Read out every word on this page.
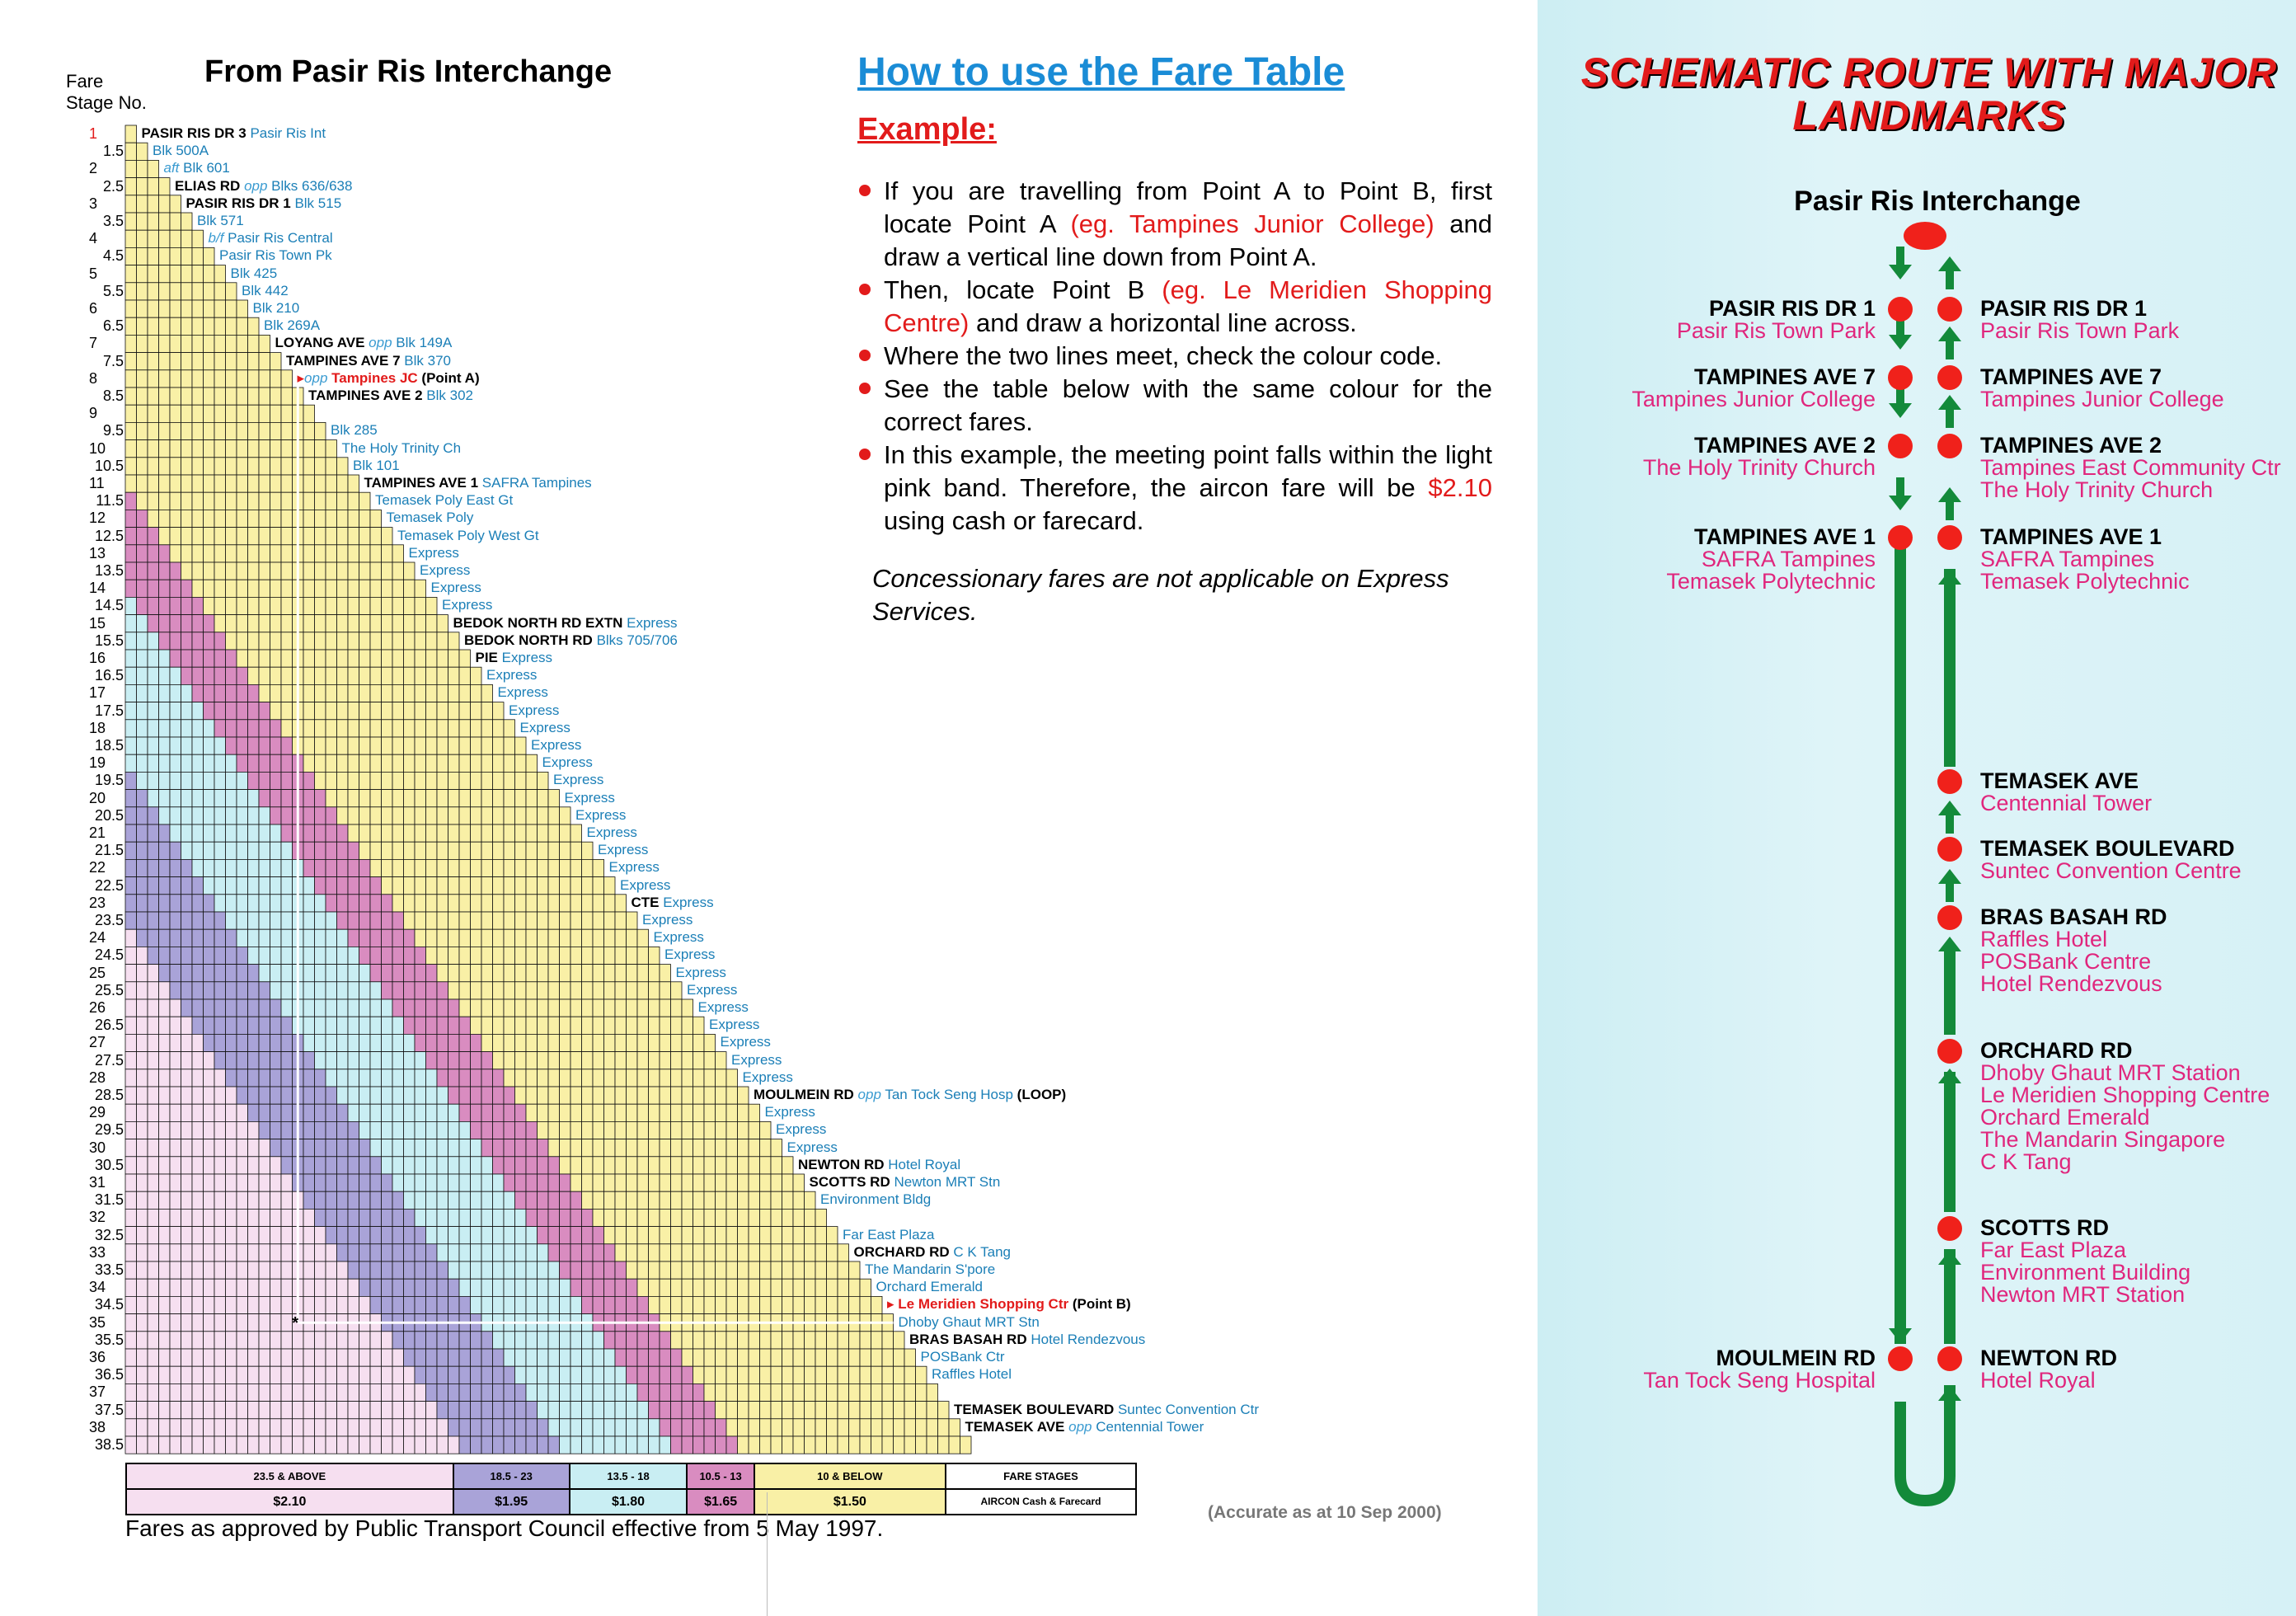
*
Fare
Stage No.
From Pasir Ris Interchange
1
1.5
2
2.5
3
3.5
4
4.5
5
5.5
6
6.5
7
7.5
8
8.5
9
9.5
10
10.5
11
11.5
12
12.5
13
13.5
14
14.5
15
15.5
16
16.5
17
17.5
18
18.5
19
19.5
20
20.5
21
21.5
22
22.5
23
23.5
24
24.5
25
25.5
26
26.5
27
27.5
28
28.5
29
29.5
30
30.5
31
31.5
32
32.5
33
33.5
34
34.5
35
35.5
36
36.5
37
37.5
38
38.5
PASIR RIS DR 3 Pasir Ris Int
Blk 500A
aft Blk 601
ELIAS RD opp Blks 636/638
PASIR RIS DR 1 Blk 515
Blk 571
b/f Pasir Ris Central
Pasir Ris Town Pk
Blk 425
Blk 442
Blk 210
Blk 269A
LOYANG AVE opp Blk 149A
TAMPINES AVE 7 Blk 370
▸opp Tampines JC (Point A)
TAMPINES AVE 2 Blk 302
Blk 285
The Holy Trinity Ch
Blk 101
TAMPINES AVE 1 SAFRA Tampines
Temasek Poly East Gt
Temasek Poly
Temasek Poly West Gt
Express
Express
Express
Express
BEDOK NORTH RD EXTN Express
BEDOK NORTH RD Blks 705/706
PIE Express
Express
Express
Express
Express
Express
Express
Express
Express
Express
Express
Express
Express
Express
CTE Express
Express
Express
Express
Express
Express
Express
Express
Express
Express
Express
MOULMEIN RD opp Tan Tock Seng Hosp (LOOP)
Express
Express
Express
NEWTON RD Hotel Royal
SCOTTS RD Newton MRT Stn
Environment Bldg
Far East Plaza
ORCHARD RD C K Tang
The Mandarin S'pore
Orchard Emerald
▸ Le Meridien Shopping Ctr (Point B)
Dhoby Ghaut MRT Stn
BRAS BASAH RD Hotel Rendezvous
POSBank Ctr
Raffles Hotel
TEMASEK BOULEVARD Suntec Convention Ctr
TEMASEK AVE opp Centennial Tower
23.5 & ABOVE
$2.10
18.5 - 23
$1.95
13.5 - 18
$1.80
10.5 - 13
$1.65
10 & BELOW
$1.50
FARE STAGES
AIRCON Cash & Farecard
Fares as approved by Public Transport Council effective from 5 May 1997.
(Accurate as at 10 Sep 2000)
How to use the Fare Table
Example:
If you are travelling from Point A to Point B, first locate Point A (eg. Tampines Junior College) and draw a vertical line down from Point A.
Then, locate Point B (eg. Le Meridien Shopping Centre) and draw a horizontal line across.
Where the two lines meet, check the colour code.
See the table below with the same colour for the correct fares.
In this example, the meeting point falls within the light pink band. Therefore, the aircon fare will be $2.10 using cash or farecard.
Concessionary fares are not applicable on Express Services.
SCHEMATIC ROUTE WITH MAJOR
LANDMARKS
Pasir Ris Interchange
PASIR RIS DR 1
Pasir Ris Town Park
TAMPINES AVE 7
Tampines Junior College
TAMPINES AVE 2
The Holy Trinity Church
TAMPINES AVE 1
SAFRA Tampines
Temasek Polytechnic
MOULMEIN RD
Tan Tock Seng Hospital
PASIR RIS DR 1
Pasir Ris Town Park
TAMPINES AVE 7
Tampines Junior College
TAMPINES AVE 2
Tampines East Community Ctr
The Holy Trinity Church
TAMPINES AVE 1
SAFRA Tampines
Temasek Polytechnic
TEMASEK AVE
Centennial Tower
TEMASEK BOULEVARD
Suntec Convention Centre
BRAS BASAH RD
Raffles Hotel
POSBank Centre
Hotel Rendezvous
ORCHARD RD
Dhoby Ghaut MRT Station
Le Meridien Shopping Centre
Orchard Emerald
The Mandarin Singapore
C K Tang
SCOTTS RD
Far East Plaza
Environment Building
Newton MRT Station
NEWTON RD
Hotel Royal
